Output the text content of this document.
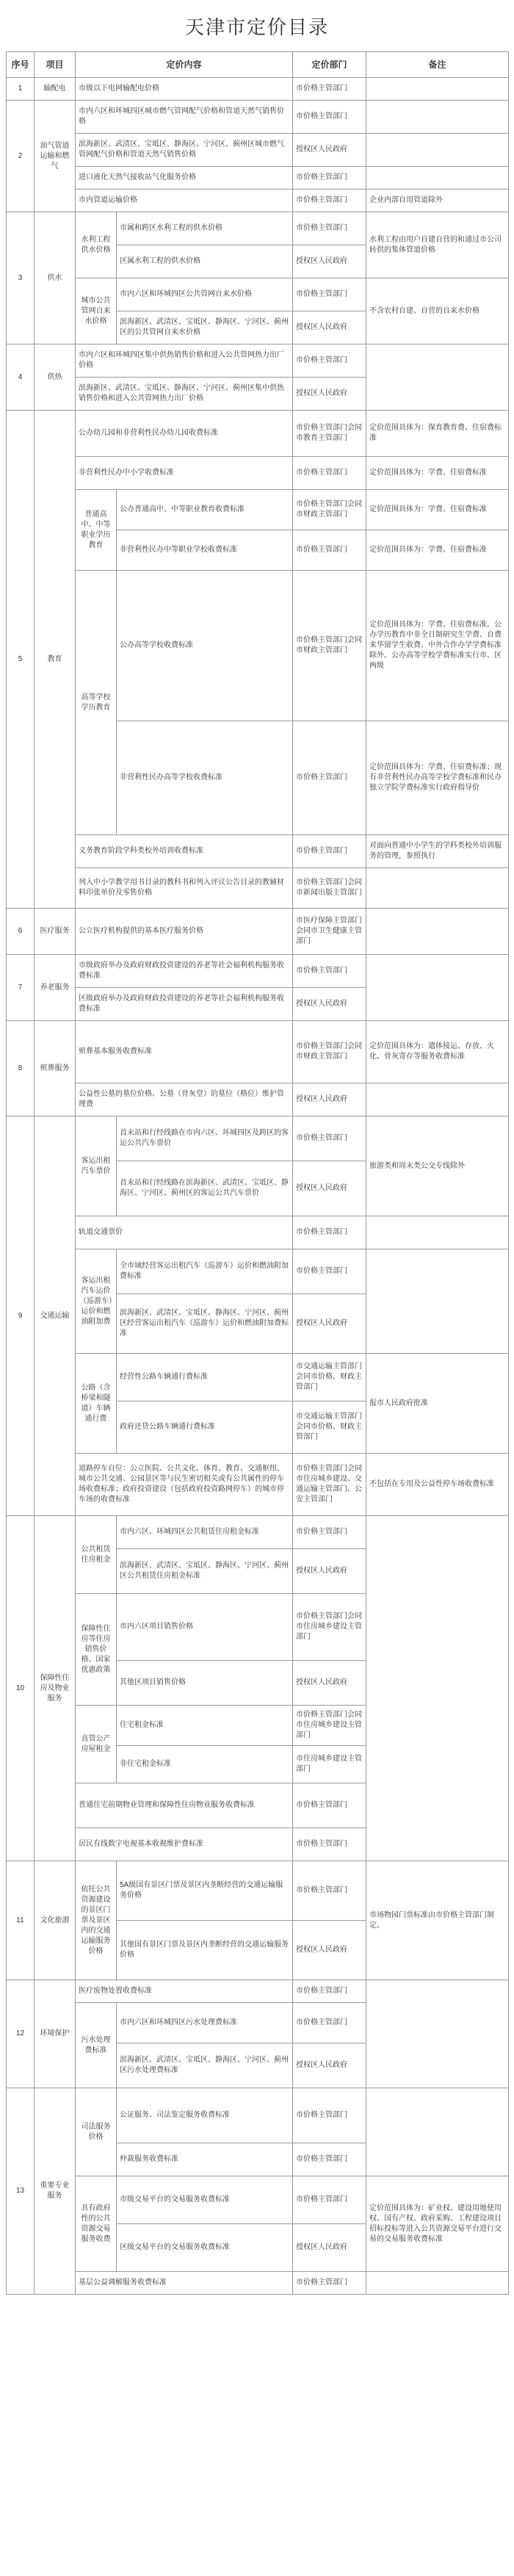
天津市定价目录
序号	项目	定价内容		定价部门	备注
1	输配电	市级以下电网输配电价格		市价格主管部门	
2	油气管道运输和燃气	市内六区和环城四区城市燃气管网配气价格和管道天然气销售价格		市价格主管部门	
		滨海新区、武清区、宝坻区、静海区、宁河区、蓟州区城市燃气管网配气价格和管道天然气销售价格		授权区人民政府	
		进口液化天然气接收站气化服务价格		市价格主管部门	
		市内管道运输价格		市价格主管部门	企业内部自用管道除外
3	供水	水利工程供水价格	市属和跨区水利工程的供水价格	市价格主管部门	水利工程由用户自建自营的和通过市公司转供的集体管道价格
			区属水利工程的供水价格	授权区人民政府	
		城市公共管网自来水价格	市内六区和环城四区公共管网自来水价格	市价格主管部门	不含农村自建、自营的自来水价格
			滨海新区、武清区、宝坻区、静海区、宁河区、蓟州区的公共管网自来水价格	授权区人民政府	
4	供热	市内六区和环城四区集中供热销售价格和进入公共管网热力出厂价格		市价格主管部门	
		滨海新区、武清区、宝坻区、静海区、宁河区、蓟州区集中供热销售价格和进入公共管网热力出厂价格		授权区人民政府	
5	教育	公办幼儿园和非营利性民办幼儿园收费标准		市价格主管部门会同市教育主管部门	定价范围具体为：保育教育费、住宿费标准
		非营利性民办中小学收费标准		市价格主管部门	定价范围具体为：学费、住宿费标准
		普通高中、中等职业学历教育	公办普通高中、中等职业教育收费标准	市价格主管部门会同市财政主管部门	定价范围具体为：学费、住宿费标准
			非营利性民办中等职业学校收费标准	市价格主管部门	定价范围具体为：学费、住宿费标准
		高等学校学历教育	公办高等学校收费标准	市价格主管部门会同市财政主管部门	定价范围具体为：学费、住宿费标准。公办学历教育中非全日制研究生学费、自费来华留学生收费、中外合作办学学费标准除外。公办高等学校学费标准实行市、区两级
			非营利性民办高等学校收费标准	市价格主管部门	定价范围具体为：学费、住宿费标准；现有非营利性民办高等学校学费标准和民办独立学院学费标准实行政府指导价
		义务教育阶段学科类校外培训收费标准		市价格主管部门	对面向普通中小学生的学科类校外培训服务的管理，参照执行
		列入中小学教学用书目录的教科书和列入评议公告目录的教辅材料印张单价及零售价格		市价格主管部门会同市新闻出版主管部门	
6	医疗服务	公立医疗机构提供的基本医疗服务价格		市医疗保障主管部门会同市卫生健康主管部门	
7	养老服务	市级政府举办及政府财政投资建设的养老等社会福利机构服务收费标准		市价格主管部门	
		区级政府举办及政府财政投资建设的养老等社会福利机构服务收费标准		授权区人民政府	
8	殡葬服务	殡葬基本服务收费标准		市价格主管部门会同市财政主管部门	定价范围具体为：遗体接运、存放、火化、骨灰寄存等服务收费标准
		公益性公墓的墓位价格、公墓（骨灰堂）的墓位（格位）维护管理费		授权区人民政府	
9	交通运输	客运出租汽车票价	首末站和行经线路在市内六区、环城四区及跨区的客运公共汽车票价	市价格主管部门	旅游类和周末类公交专线除外
			首末站和行经线路在滨海新区、武清区、宝坻区、静海区、宁河区、蓟州区的客运公共汽车票价	授权区人民政府	
		轨道交通票价		市价格主管部门	
		客运出租汽车运价（巡游车）运价和燃油附加费	全市域经营客运出租汽车（巡游车）运价和燃油附加费标准	市价格主管部门	
			滨海新区、武清区、宝坻区、静海区、宁河区、蓟州区经营客运出租汽车（巡游车）运价和燃油附加费标准	授权区人民政府	
		公路（含桥梁和隧道）车辆通行费	经营性公路车辆通行费标准	市交通运输主管部门会同市价格、财政主管部门	报市人民政府批准
			政府还贷公路车辆通行费标准	市交通运输主管部门会同市价格、财政主管部门	
		道路停车自位：公立医院、公共文化、体育、教育、交通枢纽、城市公共交通、公园景区等与民生密切相关或有公共属性的停车场收费标准；政府投资建设（包括政府投资路网停车）的城市停车场的收费标准		市价格主管部门会同市住房城乡建设、交通运输主管部门、公安主管部门	不包括在专用及公益性停车场收费标准
10	保障性住房及物业服务	公共租赁住房租金	市内六区、环城四区公共租赁住房租金标准	市价格主管部门	
			滨海新区、武清区、宝坻区、静海区、宁河区、蓟州区公共租赁住房租金标准	授权区人民政府	
		保障性住房等住房销售价格、国家优惠政策	市内六区项目销售价格	市价格主管部门会同市住房城乡建设主管部门	
			其他区项目销售价格	授权区人民政府	
		直管公产房屋租金	住宅租金标准	市价格主管部门会同市住房城乡建设主管部门	
			非住宅租金标准	市住房城乡建设主管部门	
		普通住宅前期物业管理和保障性住房物业服务收费标准		市价格主管部门	
		居民有线数字电视基本收视维护费标准		市价格主管部门	
11	文化旅游	依托公共资源建设的景区门票及景区内的交通运输服务价格	5A级国有景区门票及景区内垄断经营的交通运输服务价格	市价格主管部门	市场物园门票标准由市价格主管部门制定。
			其他国有景区门票及景区内垄断经营的交通运输服务价格	授权区人民政府	
12	环境保护	医疗废物处置收费标准		市价格主管部门	
		污水处理费标准	市内六区和环城四区污水处理费标准	市价格主管部门	
			滨海新区、武清区、宝坻区、静海区、宁河区、蓟州区污水处理费标准	授权区人民政府	
13	重要专业服务	司法服务价格	公证服务、司法鉴定服务收费标准	市价格主管部门	
			仲裁服务收费标准	市价格主管部门	
		具有政府性的公共资源交易服务收费	市级交易平台的交易服务收费标准	市价格主管部门	定价范围具体为：矿业权、建设用地使用权、国有产权、政府采购、工程建设项目招标投标等进入公共资源交易平台进行交易的交易服务收费标准
			区级交易平台的交易服务收费标准	授权区人民政府	
		基层公益调解服务收费标准		市价格主管部门	
